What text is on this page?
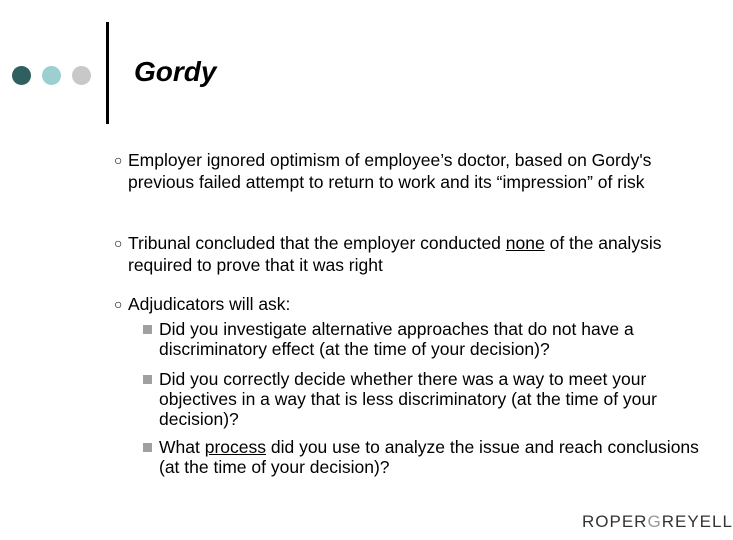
Gordy
○ Employer ignored optimism of employee’s doctor, based on Gordy's previous failed attempt to return to work and its “impression” of risk
○ Tribunal concluded that the employer conducted none of the analysis required to prove that it was right
○ Adjudicators will ask:
Did you investigate alternative approaches that do not have a discriminatory effect (at the time of your decision)?
Did you correctly decide whether there was a way to meet your objectives in a way that is less discriminatory (at the time of your decision)?
What process did you use to analyze the issue and reach conclusions (at the time of your decision)?
ROPERGREYELL
